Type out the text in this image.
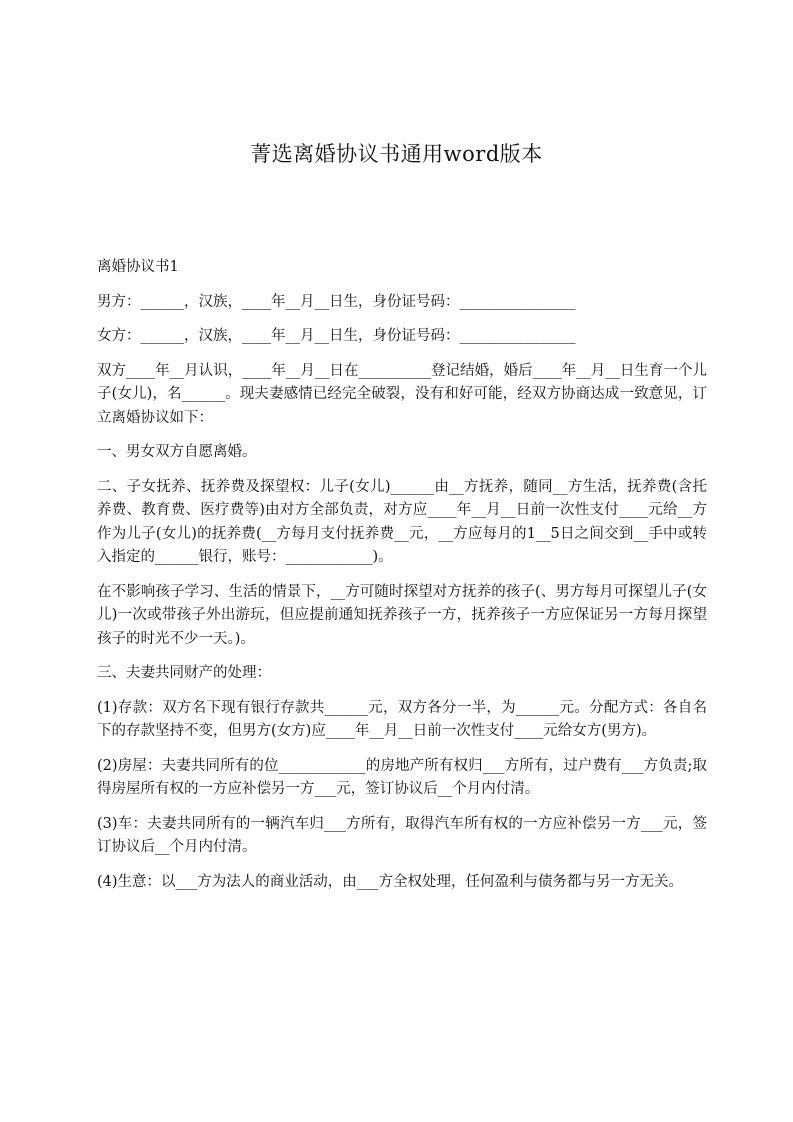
菁选离婚协议书通用word版本

离婚协议书1

男方：______，汉族，____年__月__日生，身份证号码：________________

女方：______，汉族，____年__月__日生，身份证号码：________________

双方____年__月认识，____年__月__日在__________登记结婚，婚后____年__月__日生育一个儿子(女儿)，名______。现夫妻感情已经完全破裂，没有和好可能，经双方协商达成一致意见，订立离婚协议如下：

一、男女双方自愿离婚。

二、子女抚养、抚养费及探望权：儿子(女儿)______由__方抚养，随同__方生活，抚养费(含托养费、教育费、医疗费等)由对方全部负责，对方应____年__月__日前一次性支付____元给__方作为儿子(女儿)的抚养费(__方每月支付抚养费__元，__方应每月的1__5日之间交到__手中或转入指定的______银行，账号：____________)。

在不影响孩子学习、生活的情景下，__方可随时探望对方抚养的孩子(、男方每月可探望儿子(女儿)一次或带孩子外出游玩，但应提前通知抚养孩子一方，抚养孩子一方应保证另一方每月探望孩子的时光不少一天。)。

三、夫妻共同财产的处理：

(1)存款：双方名下现有银行存款共______元，双方各分一半，为______元。分配方式：各自名下的存款坚持不变，但男方(女方)应____年__月__日前一次性支付____元给女方(男方)。

(2)房屋：夫妻共同所有的位____________的房地产所有权归___方所有，过户费有___方负责;取得房屋所有权的一方应补偿另一方___元，签订协议后__个月内付清。

(3)车：夫妻共同所有的一辆汽车归___方所有，取得汽车所有权的一方应补偿另一方___元，签订协议后__个月内付清。

(4)生意：以___方为法人的商业活动，由___方全权处理，任何盈利与债务都与另一方无关。
